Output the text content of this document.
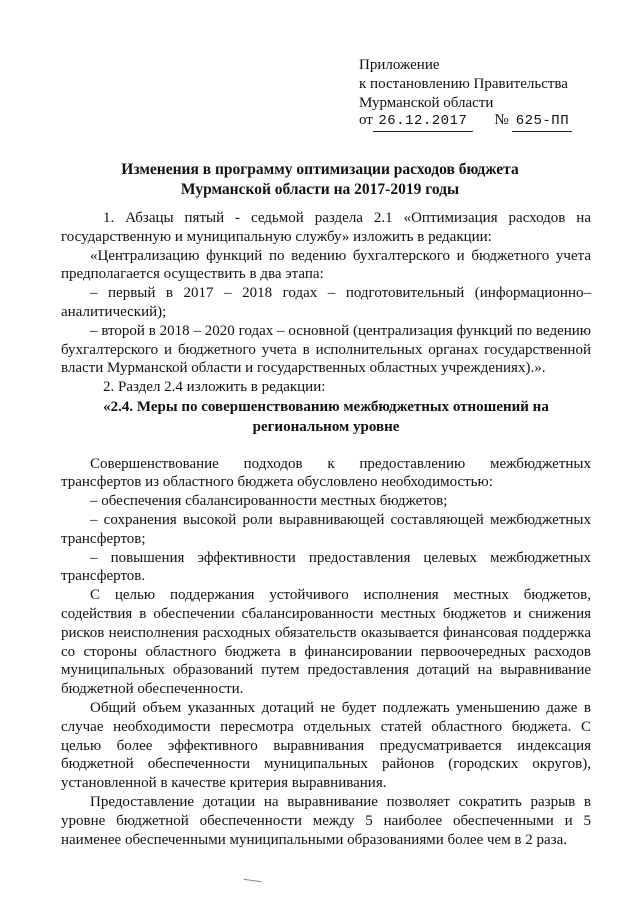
Приложение
к постановлению Правительства
Мурманской области
от 26.12.2017 № 625-ПП
Изменения в программу оптимизации расходов бюджета
Мурманской области на 2017-2019 годы

1. Абзацы пятый - седьмой раздела 2.1 «Оптимизация расходов на государственную и муниципальную службу» изложить в редакции:

«Централизацию функций по ведению бухгалтерского и бюджетного учета предполагается осуществить в два этапа:

– первый в 2017 – 2018 годах – подготовительный (информационно–аналитический);

– второй в 2018 – 2020 годах – основной (централизация функций по ведению бухгалтерского и бюджетного учета в исполнительных органах государственной власти Мурманской области и государственных областных учреждениях).».

2. Раздел 2.4 изложить в редакции:

«2.4. Меры по совершенствованию межбюджетных отношений на

региональном уровне

Совершенствование подходов к предоставлению межбюджетных трансфертов из областного бюджета обусловлено необходимостью:

– обеспечения сбалансированности местных бюджетов;

– сохранения высокой роли выравнивающей составляющей межбюджетных трансфертов;

– повышения эффективности предоставления целевых межбюджетных трансфертов.

С целью поддержания устойчивого исполнения местных бюджетов, содействия в обеспечении сбалансированности местных бюджетов и снижения рисков неисполнения расходных обязательств оказывается финансовая поддержка со стороны областного бюджета в финансировании первоочередных расходов муниципальных образований путем предоставления дотаций на выравнивание бюджетной обеспеченности.

Общий объем указанных дотаций не будет подлежать уменьшению даже в случае необходимости пересмотра отдельных статей областного бюджета. С целью более эффективного выравнивания предусматривается индексация бюджетной обеспеченности муниципальных районов (городских округов), установленной в качестве критерия выравнивания.

Предоставление дотации на выравнивание позволяет сократить разрыв в уровне бюджетной обеспеченности между 5 наиболее обеспеченными и 5 наименее обеспеченными муниципальными образованиями более чем в 2 раза.
